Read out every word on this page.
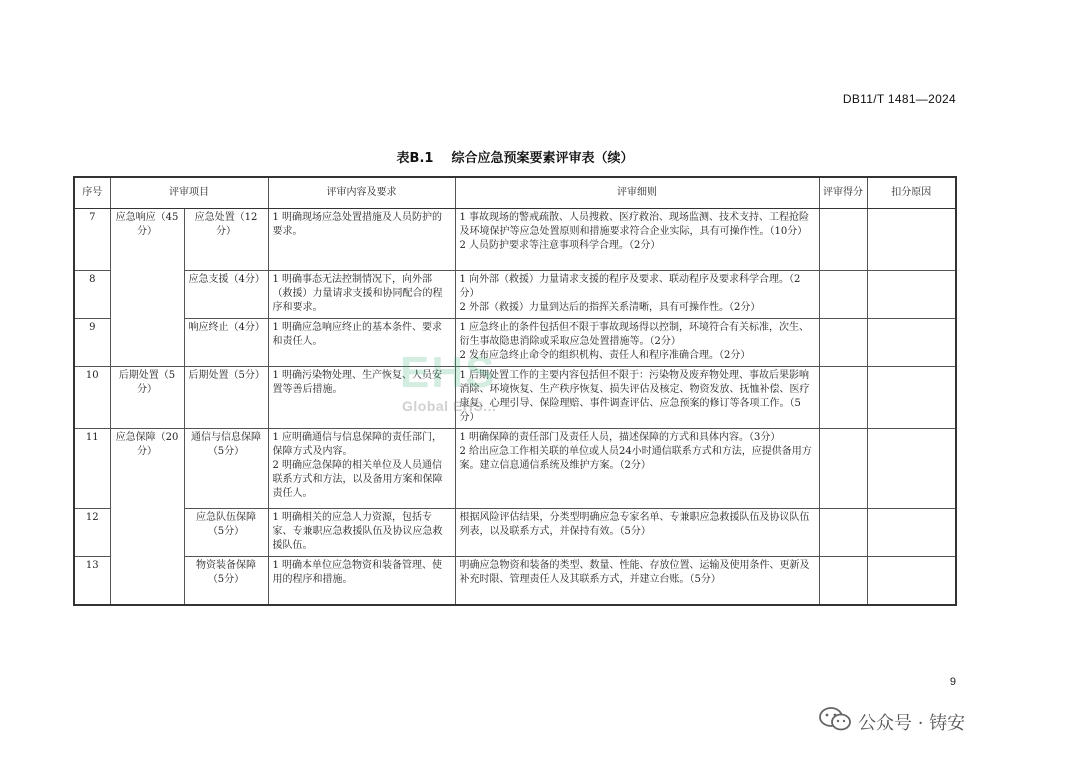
DB11/T 1481—2024
表B.1 综合应急预案要素评审表（续）
序号	评审项目		评审内容及要求	评审细则	评审得分	扣分原因
7	应急响应（45分）	应急处置（12分）	1 明确现场应急处置措施及人员防护的要求。	1 事故现场的警戒疏散、人员搜救、医疗救治、现场监测、技术支持、工程抢险及环境保护等应急处置原则和措施要求符合企业实际，具有可操作性。（10分）
2 人员防护要求等注意事项科学合理。（2分）		
8		应急支援（4分）	1 明确事态无法控制情况下，向外部（救援）力量请求支援和协同配合的程序和要求。	1 向外部（救援）力量请求支援的程序及要求、联动程序及要求科学合理。（2分）
2 外部（救援）力量到达后的指挥关系清晰，具有可操作性。（2分）		
9		响应终止（4分）	1 明确应急响应终止的基本条件、要求和责任人。	1 应急终止的条件包括但不限于事故现场得以控制，环境符合有关标准，次生、衍生事故隐患消除或采取应急处置措施等。（2分）
2 发布应急终止命令的组织机构、责任人和程序准确合理。（2分）		
10	后期处置（5分）	后期处置（5分）	1 明确污染物处理、生产恢复、人员安置等善后措施。	1 后期处置工作的主要内容包括但不限于：污染物及废弃物处理、事故后果影响消除、环境恢复、生产秩序恢复、损失评估及核定、物资发放、抚恤补偿、医疗康复、心理引导、保险理赔、事件调查评估、应急预案的修订等各项工作。（5分）		
11	应急保障（20分）	通信与信息保障（5分）	1 应明确通信与信息保障的责任部门，保障方式及内容。
2 明确应急保障的相关单位及人员通信联系方式和方法，以及备用方案和保障责任人。	1 明确保障的责任部门及责任人员，描述保障的方式和具体内容。（3分）
2 给出应急工作相关联的单位或人员24小时通信联系方式和方法，应提供备用方案。建立信息通信系统及维护方案。（2分）		
12		应急队伍保障（5分）	1 明确相关的应急人力资源，包括专家、专兼职应急救援队伍及协议应急救援队伍。	根据风险评估结果，分类型明确应急专家名单、专兼职应急救援队伍及协议队伍列表，以及联系方式，并保持有效。（5分）		
13		物资装备保障（5分）	1 明确本单位应急物资和装备管理、使用的程序和措施。	明确应急物资和装备的类型、数量、性能、存放位置、运输及使用条件、更新及补充时限、管理责任人及其联系方式，并建立台账。（5分）		
EHS
Global EHS...
9
公众号 · 铸安
